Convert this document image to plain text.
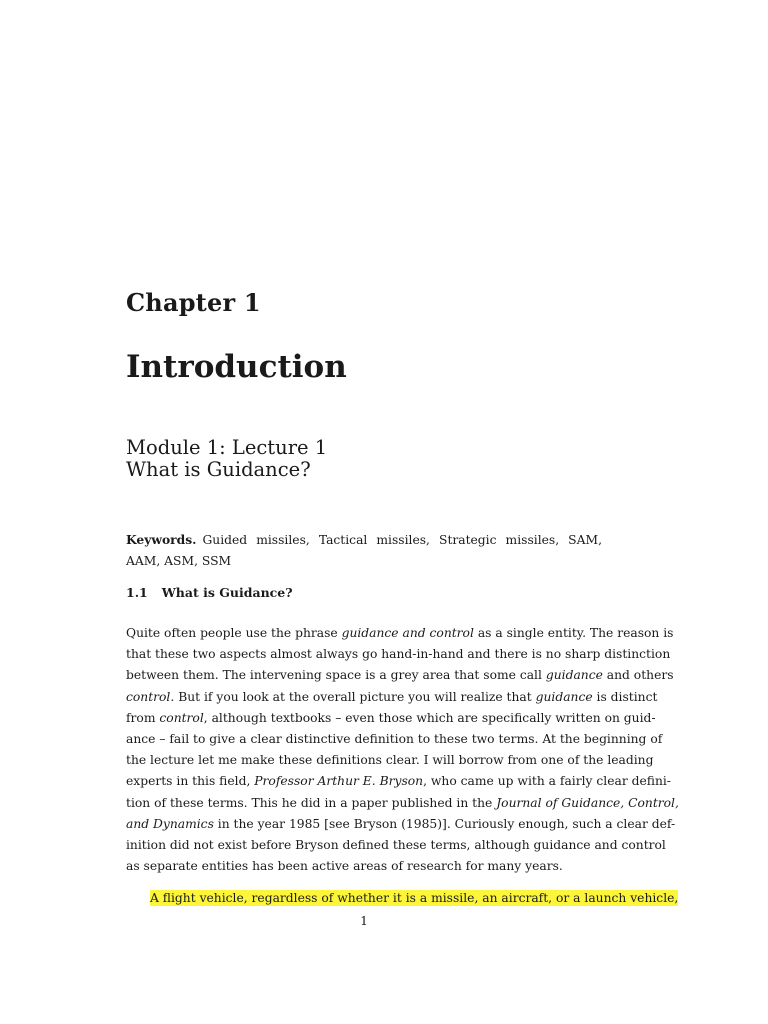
Chapter 1
Introduction
Module 1: Lecture 1
What is Guidance?

Keywords. Guided missiles, Tactical missiles, Strategic missiles, SAM, AAM, ASM, SSM

1.1 What is Guidance?
Quite often people use the phrase guidance and control as a single entity. The reason is
that these two aspects almost always go hand-in-hand and there is no sharp distinction
between them. The intervening space is a grey area that some call guidance and others
control. But if you look at the overall picture you will realize that guidance is distinct
from control, although textbooks – even those which are specifically written on guid-
ance – fail to give a clear distinctive definition to these two terms. At the beginning of
the lecture let me make these definitions clear. I will borrow from one of the leading
experts in this field, Professor Arthur E. Bryson, who came up with a fairly clear defini-
tion of these terms. This he did in a paper published in the Journal of Guidance, Control,
and Dynamics in the year 1985 [see Bryson (1985)]. Curiously enough, such a clear def-
inition did not exist before Bryson defined these terms, although guidance and control
as separate entities has been active areas of research for many years.

A flight vehicle, regardless of whether it is a missile, an aircraft, or a launch vehicle,

1
